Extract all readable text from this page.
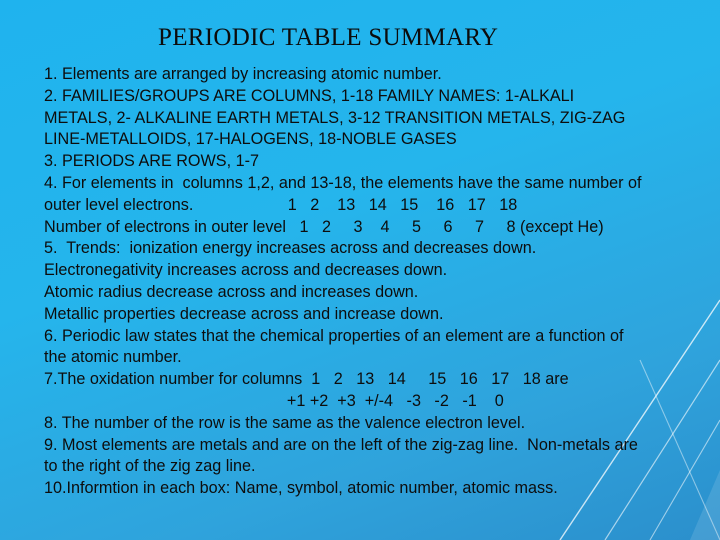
PERIODIC TABLE SUMMARY
1. Elements are arranged by increasing atomic number.
2. FAMILIES/GROUPS ARE COLUMNS, 1-18 FAMILY NAMES: 1-ALKALI
METALS, 2- ALKALINE EARTH METALS, 3-12 TRANSITION METALS, ZIG-ZAG
LINE-METALLOIDS, 17-HALOGENS, 18-NOBLE GASES
3. PERIODS ARE ROWS, 1-7
4. For elements in  columns 1,2, and 13-18, the elements have the same number of
outer level electrons.                     1   2    13   14   15    16   17   18
Number of electrons in outer level   1   2     3    4     5     6     7     8 (except He)
5.  Trends:  ionization energy increases across and decreases down.
Electronegativity increases across and decreases down.
Atomic radius decrease across and increases down.
Metallic properties decrease across and increase down.
6. Periodic law states that the chemical properties of an element are a function of
the atomic number.
7.The oxidation number for columns  1   2   13   14     15   16   17   18 are
+1 +2  +3  +/-4   -3   -2   -1    0
8. The number of the row is the same as the valence electron level.
9. Most elements are metals and are on the left of the zig-zag line.  Non-metals are
to the right of the zig zag line.
10.Informtion in each box: Name, symbol, atomic number, atomic mass.
